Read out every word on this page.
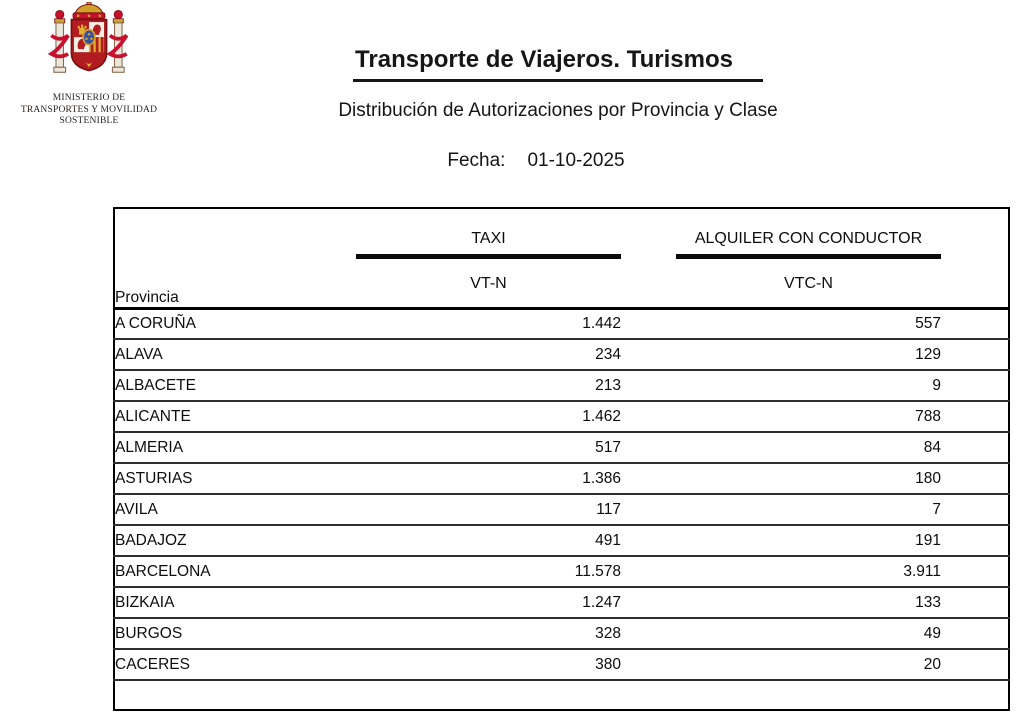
MINISTERIO DE
TRANSPORTES Y MOVILIDAD
SOSTENIBLE
Transporte de Viajeros. Turismos
Distribución de Autorizaciones por Provincia y Clase
Fecha: 01-10-2025
Provincia	
TAXI
VT-N

ALQUILER CON CONDUCTOR
VTC-N

A CORUÑA	1.442		557	
ALAVA	234		129	
ALBACETE	213		9	
ALICANTE	1.462		788	
ALMERIA	517		84	
ASTURIAS	1.386		180	
AVILA	117		7	
BADAJOZ	491		191	
BARCELONA	11.578		3.911	
BIZKAIA	1.247		133	
BURGOS	328		49	
CACERES	380		20	
